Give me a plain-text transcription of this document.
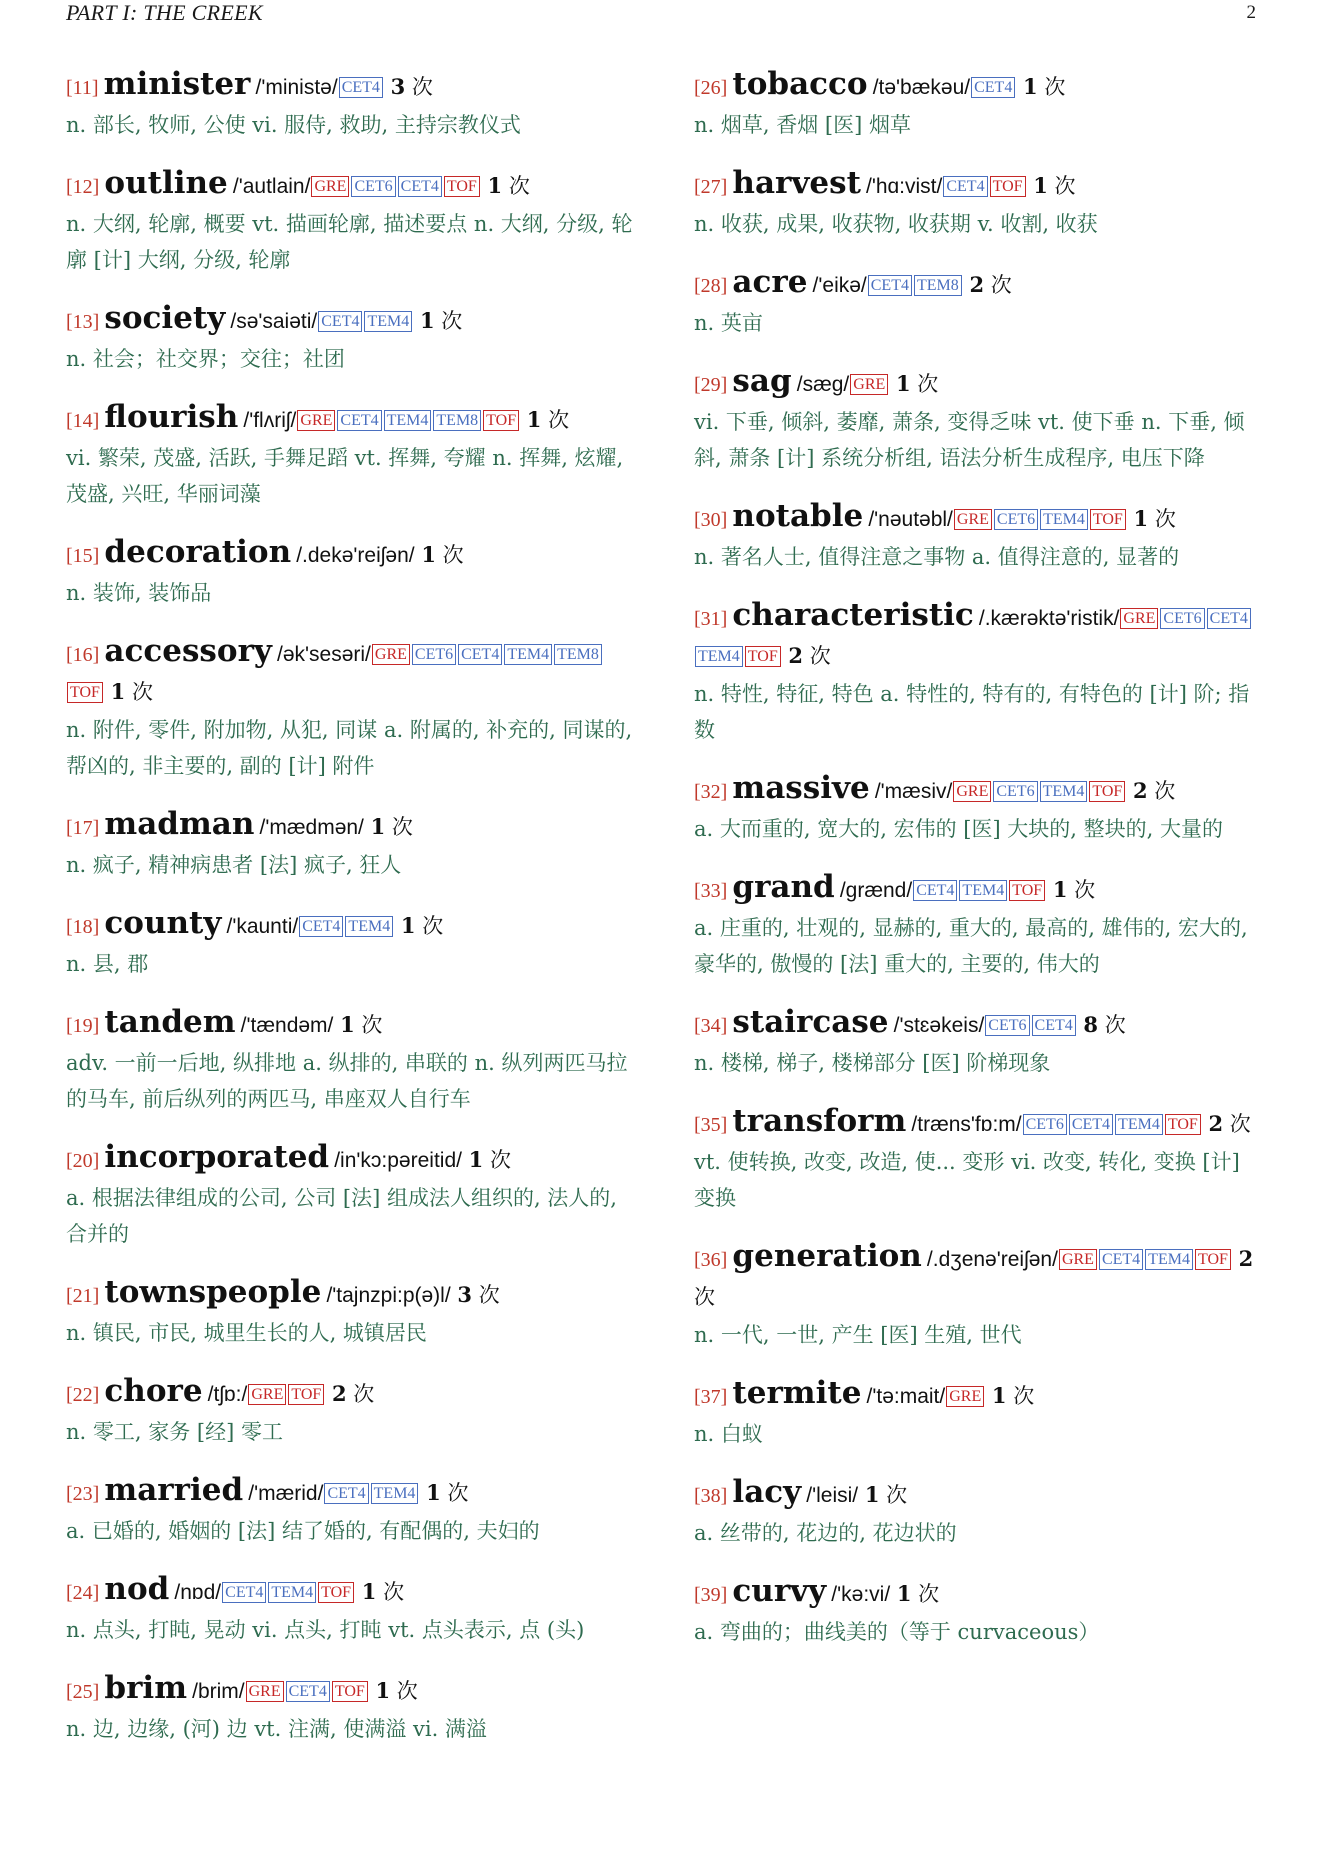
PART I: THE CREEK	2
[11] minister /'ministə/ CET4 3 次
n. 部长, 牧师, 公使 vi. 服侍, 救助, 主持宗教仪式
[12] outline /'autlain/ GRE CET6 CET4 TOF 1 次
n. 大纲, 轮廓, 概要 vt. 描画轮廓, 描述要点 n. 大纲, 分级, 轮廓 [计] 大纲, 分级, 轮廓
[13] society /sə'saiəti/ CET4 TEM4 1 次
n. 社会；社交界；交往；社团
[14] flourish /'flʌriʃ/ GRE CET4 TEM4 TEM8 TOF 1 次
vi. 繁荣, 茂盛, 活跃, 手舞足蹈 vt. 挥舞, 夸耀 n. 挥舞, 炫耀, 茂盛, 兴旺, 华丽词藻
[15] decoration /.dekə'reiʃən/ 1 次
n. 装饰, 装饰品
[16] accessory /ək'sesəri/ GRE CET6 CET4 TEM4 TEM8TOF 1 次
n. 附件, 零件, 附加物, 从犯, 同谋 a. 附属的, 补充的, 同谋的, 帮凶的, 非主要的, 副的 [计] 附件
[17] madman /'mædmən/ 1 次
n. 疯子, 精神病患者 [法] 疯子, 狂人
[18] county /'kaunti/ CET4 TEM4 1 次
n. 县, 郡
[19] tandem /'tændəm/ 1 次
adv. 一前一后地, 纵排地 a. 纵排的, 串联的 n. 纵列两匹马拉的马车, 前后纵列的两匹马, 串座双人自行车
[20] incorporated /in'kɔ:pəreitid/ 1 次
a. 根据法律组成的公司, 公司 [法] 组成法人组织的, 法人的, 合并的
[21] townspeople /'tajnzpi:p(ə)l/ 3 次
n. 镇民, 市民, 城里生长的人, 城镇居民
[22] chore /tʃɒ:/ GRE TOF 2 次
n. 零工, 家务 [经] 零工
[23] married /'mærid/ CET4 TEM4 1 次
a. 已婚的, 婚姻的 [法] 结了婚的, 有配偶的, 夫妇的
[24] nod /nɒd/ CET4 TEM4 TOF 1 次
n. 点头, 打盹, 晃动 vi. 点头, 打盹 vt. 点头表示, 点 (头)
[25] brim /brim/ GRE CET4 TOF 1 次
n. 边, 边缘, (河) 边 vt. 注满, 使满溢 vi. 满溢
[26] tobacco /tə'bækəu/ CET4 1 次
n. 烟草, 香烟 [医] 烟草
[27] harvest /'hɑ:vist/ CET4 TOF 1 次
n. 收获, 成果, 收获物, 收获期 v. 收割, 收获
[28] acre /'eikə/ CET4 TEM8 2 次
n. 英亩
[29] sag /sæg/ GRE 1 次
vi. 下垂, 倾斜, 萎靡, 萧条, 变得乏味 vt. 使下垂 n. 下垂, 倾斜, 萧条 [计] 系统分析组, 语法分析生成程序, 电压下降
[30] notable /'nəutəbl/ GRE CET6 TEM4 TOF 1 次
n. 著名人士, 值得注意之事物 a. 值得注意的, 显著的
[31] characteristic /.kærəktə'ristik/ GRE CET6 CET4TEM4 TOF 2 次
n. 特性, 特征, 特色 a. 特性的, 特有的, 有特色的 [计] 阶; 指数
[32] massive /'mæsiv/ GRE CET6 TEM4 TOF 2 次
a. 大而重的, 宽大的, 宏伟的 [医] 大块的, 整块的, 大量的
[33] grand /grænd/ CET4 TEM4 TOF 1 次
a. 庄重的, 壮观的, 显赫的, 重大的, 最高的, 雄伟的, 宏大的, 豪华的, 傲慢的 [法] 重大的, 主要的, 伟大的
[34] staircase /'stɛəkeis/ CET6 CET4 8 次
n. 楼梯, 梯子, 楼梯部分 [医] 阶梯现象
[35] transform /træns'fɒ:m/ CET6 CET4 TEM4 TOF 2 次
vt. 使转换, 改变, 改造, 使... 变形 vi. 改变, 转化, 变换 [计] 变换
[36] generation /.dʒenə'reiʃən/ GRE CET4 TEM4 TOF 2 次
n. 一代, 一世, 产生 [医] 生殖, 世代
[37] termite /'tə:mait/ GRE 1 次
n. 白蚁
[38] lacy /'leisi/ 1 次
a. 丝带的, 花边的, 花边状的
[39] curvy /'kə:vi/ 1 次
a. 弯曲的；曲线美的（等于 curvaceous）
